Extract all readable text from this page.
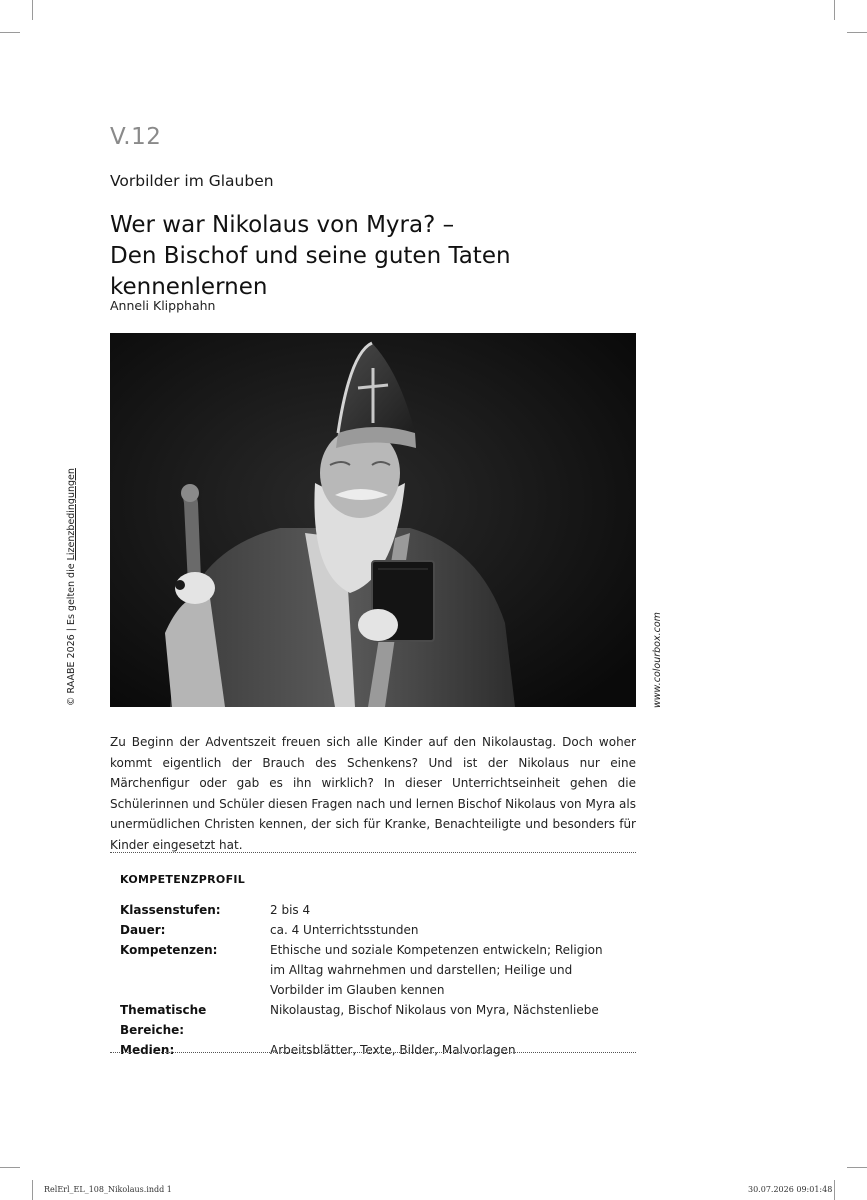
V.12
Vorbilder im Glauben
Wer war Nikolaus von Myra? –
Den Bischof und seine guten Taten kennenlernen
Anneli Klipphahn
www.colourbox.com
© RAABE 2026 | Es gelten die Lizenzbedingungen

Zu Beginn der Adventszeit freuen sich alle Kinder auf den Nikolaustag. Doch woher kommt eigentlich der Brauch des Schenkens? Und ist der Nikolaus nur eine Märchenfigur oder gab es ihn wirklich? In dieser Unterrichtseinheit gehen die Schülerinnen und Schüler diesen Fragen nach und lernen Bischof Nikolaus von Myra als unermüdlichen Christen kennen, der sich für Kranke, Benachteiligte und besonders für Kinder eingesetzt hat.

KOMPETENZPROFIL
Klassenstufen:	2 bis 4
Dauer:	ca. 4 Unterrichtsstunden
Kompetenzen:	Ethische und soziale Kompetenzen entwickeln; Religion im Alltag wahrnehmen und darstellen; Heilige und Vorbilder im Glauben kennen
Thematische Bereiche:	Nikolaustag, Bischof Nikolaus von Myra, Nächstenliebe
Medien:	Arbeitsblätter, Texte, Bilder, Malvorlagen
RelErl_EL_108_Nikolaus.indd 1	30.07.2026 09:01:48
